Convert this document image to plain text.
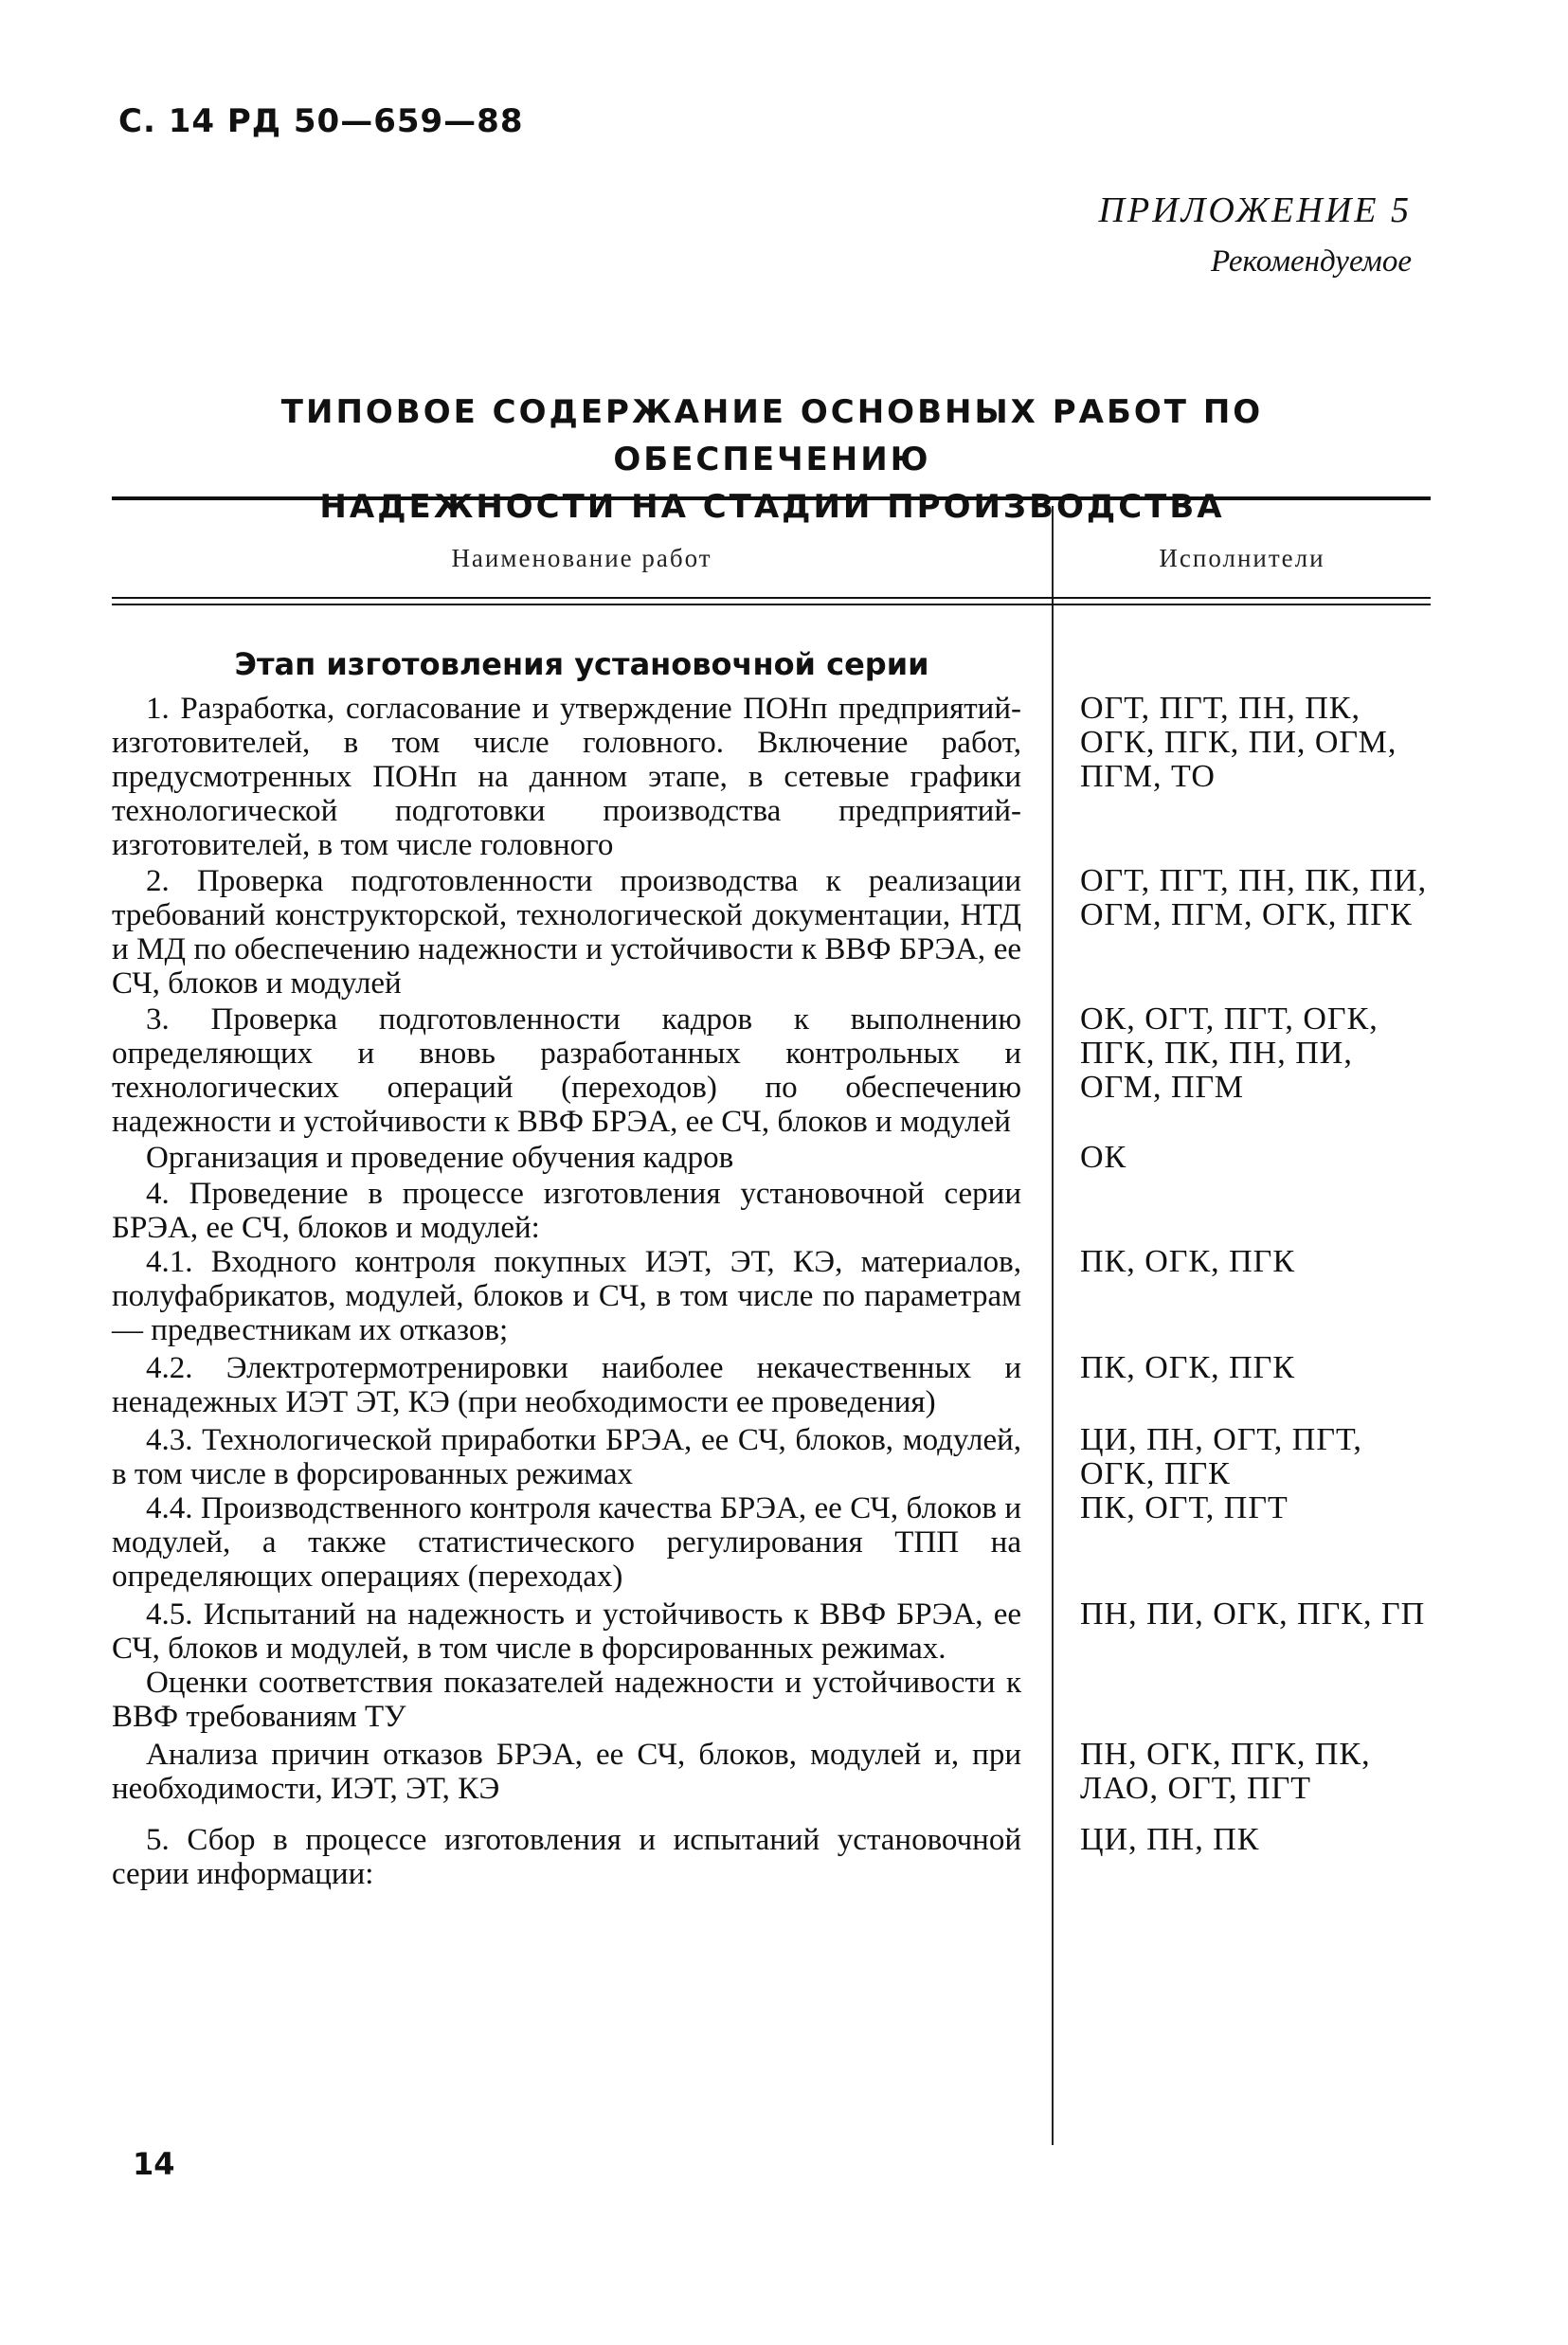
С. 14 РД 50—659—88
ПРИЛОЖЕНИЕ 5
Рекомендуемое
ТИПОВОЕ СОДЕРЖАНИЕ ОСНОВНЫХ РАБОТ ПО ОБЕСПЕЧЕНИЮ
НАДЕЖНОСТИ НА СТАДИИ ПРОИЗВОДСТВА
Наименование работ	Исполнители
Этап изготовления установочной серии
1. Разработка, согласование и утверждение ПОНп предприятий-изготовителей, в том числе головного. Включение работ, предусмотренных ПОНп на данном этапе, в сетевые графики технологической подготовки производства предприятий-изготовителей, в том числе головного
ОГТ, ПГТ, ПН, ПК, ОГК, ПГК, ПИ, ОГМ, ПГМ, ТО
2. Проверка подготовленности производства к реализации требований конструкторской, технологической документации, НТД и МД по обеспечению надежности и устойчивости к ВВФ БРЭА, ее СЧ, блоков и модулей
ОГТ, ПГТ, ПН, ПК, ПИ, ОГМ, ПГМ, ОГК, ПГК
3. Проверка подготовленности кадров к выполнению определяющих и вновь разработанных контрольных и технологических операций (переходов) по обеспечению надежности и устойчивости к ВВФ БРЭА, ее СЧ, блоков и модулей
ОК, ОГТ, ПГТ, ОГК, ПГК, ПК, ПН, ПИ, ОГМ, ПГМ
Организация и проведение обучения кадров	ОК
4. Проведение в процессе изготовления установочной серии БРЭА, ее СЧ, блоков и модулей:
4.1. Входного контроля покупных ИЭТ, ЭТ, КЭ, материалов, полуфабрикатов, модулей, блоков и СЧ, в том числе по параметрам — предвестникам их отказов;
ПК, ОГК, ПГК
4.2. Электротермотренировки наиболее некачественных и ненадежных ИЭТ ЭТ, КЭ (при необходимости ее проведения)
ПК, ОГК, ПГК
4.3. Технологической приработки БРЭА, ее СЧ, блоков, модулей, в том числе в форсированных режимах
ЦИ, ПН, ОГТ, ПГТ, ОГК, ПГК
4.4. Производственного контроля качества БРЭА, ее СЧ, блоков и модулей, а также статистического регулирования ТПП на определяющих операциях (переходах)
ПК, ОГТ, ПГТ
4.5. Испытаний на надежность и устойчивость к ВВФ БРЭА, ее СЧ, блоков и модулей, в том числе в форсированных режимах.
ПН, ПИ, ОГК, ПГК, ГП
Оценки соответствия показателей надежности и устойчивости к ВВФ требованиям ТУ
Анализа причин отказов БРЭА, ее СЧ, блоков, модулей и, при необходимости, ИЭТ, ЭТ, КЭ
ПН, ОГК, ПГК, ПК, ЛАО, ОГТ, ПГТ
5. Сбор в процессе изготовления и испытаний установочной серии информации:
ЦИ, ПН, ПК
14
